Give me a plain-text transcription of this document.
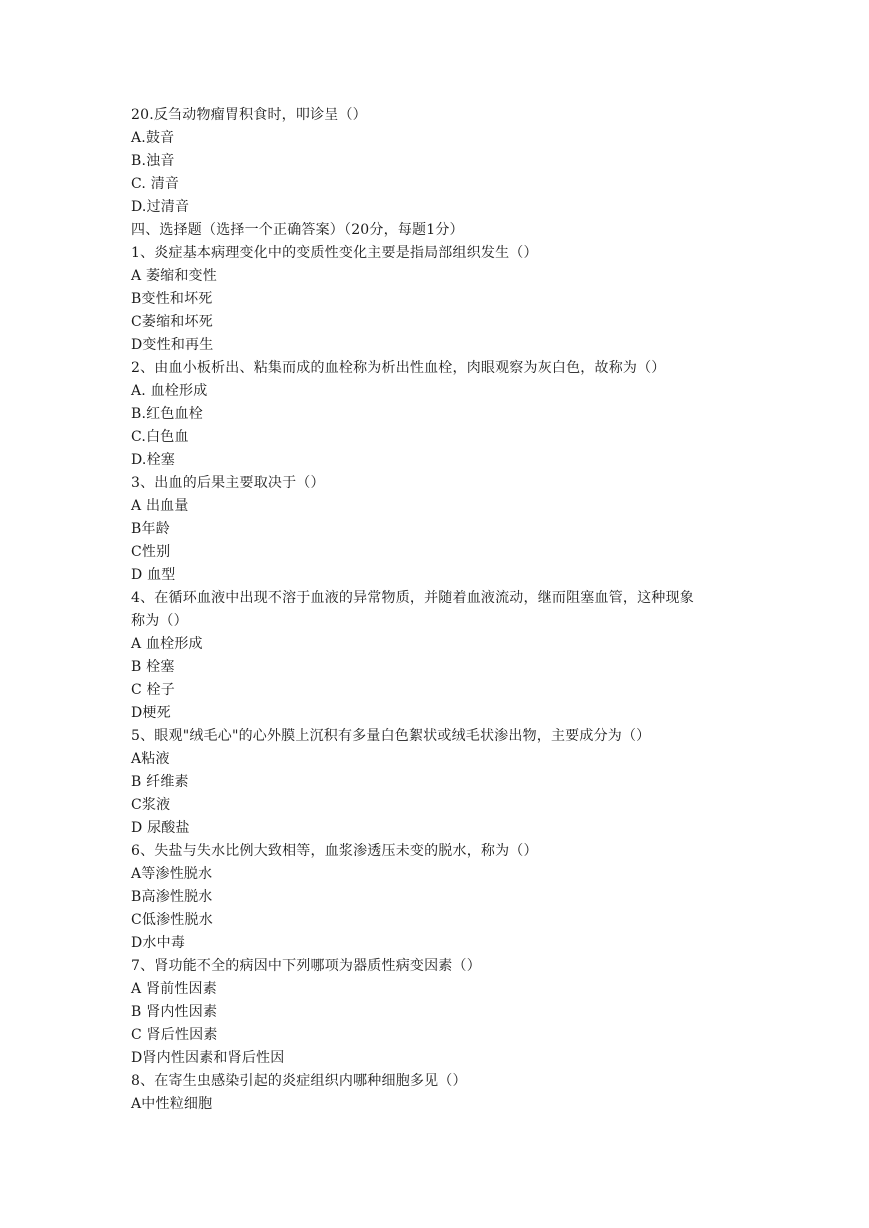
20.反刍动物瘤胃积食时，叩诊呈（）
A.鼓音
B.浊音
C. 清音
D.过清音
四、选择题（选择一个正确答案）（20分，每题1分）
1、炎症基本病理变化中的变质性变化主要是指局部组织发生（）
A 萎缩和变性
B变性和坏死
C萎缩和坏死
D变性和再生
2、由血小板析出、粘集而成的血栓称为析出性血栓，肉眼观察为灰白色，故称为（）
A. 血栓形成
B.红色血栓
C.白色血
D.栓塞
3、出血的后果主要取决于（）
A 出血量
B年龄
C性别
D 血型
4、在循环血液中出现不溶于血液的异常物质，并随着血液流动，继而阻塞血管，这种现象
称为（）
A 血栓形成
B 栓塞
C 栓子
D梗死
5、眼观"绒毛心"的心外膜上沉积有多量白色絮状或绒毛状渗出物，主要成分为（）
A粘液
B 纤维素
C浆液
D 尿酸盐
6、失盐与失水比例大致相等，血浆渗透压未变的脱水，称为（）
A等渗性脱水
B高渗性脱水
C低渗性脱水
D水中毒
7、肾功能不全的病因中下列哪项为器质性病变因素（）
A 肾前性因素
B 肾内性因素
C 肾后性因素
D肾内性因素和肾后性因
8、在寄生虫感染引起的炎症组织内哪种细胞多见（）
A中性粒细胞
